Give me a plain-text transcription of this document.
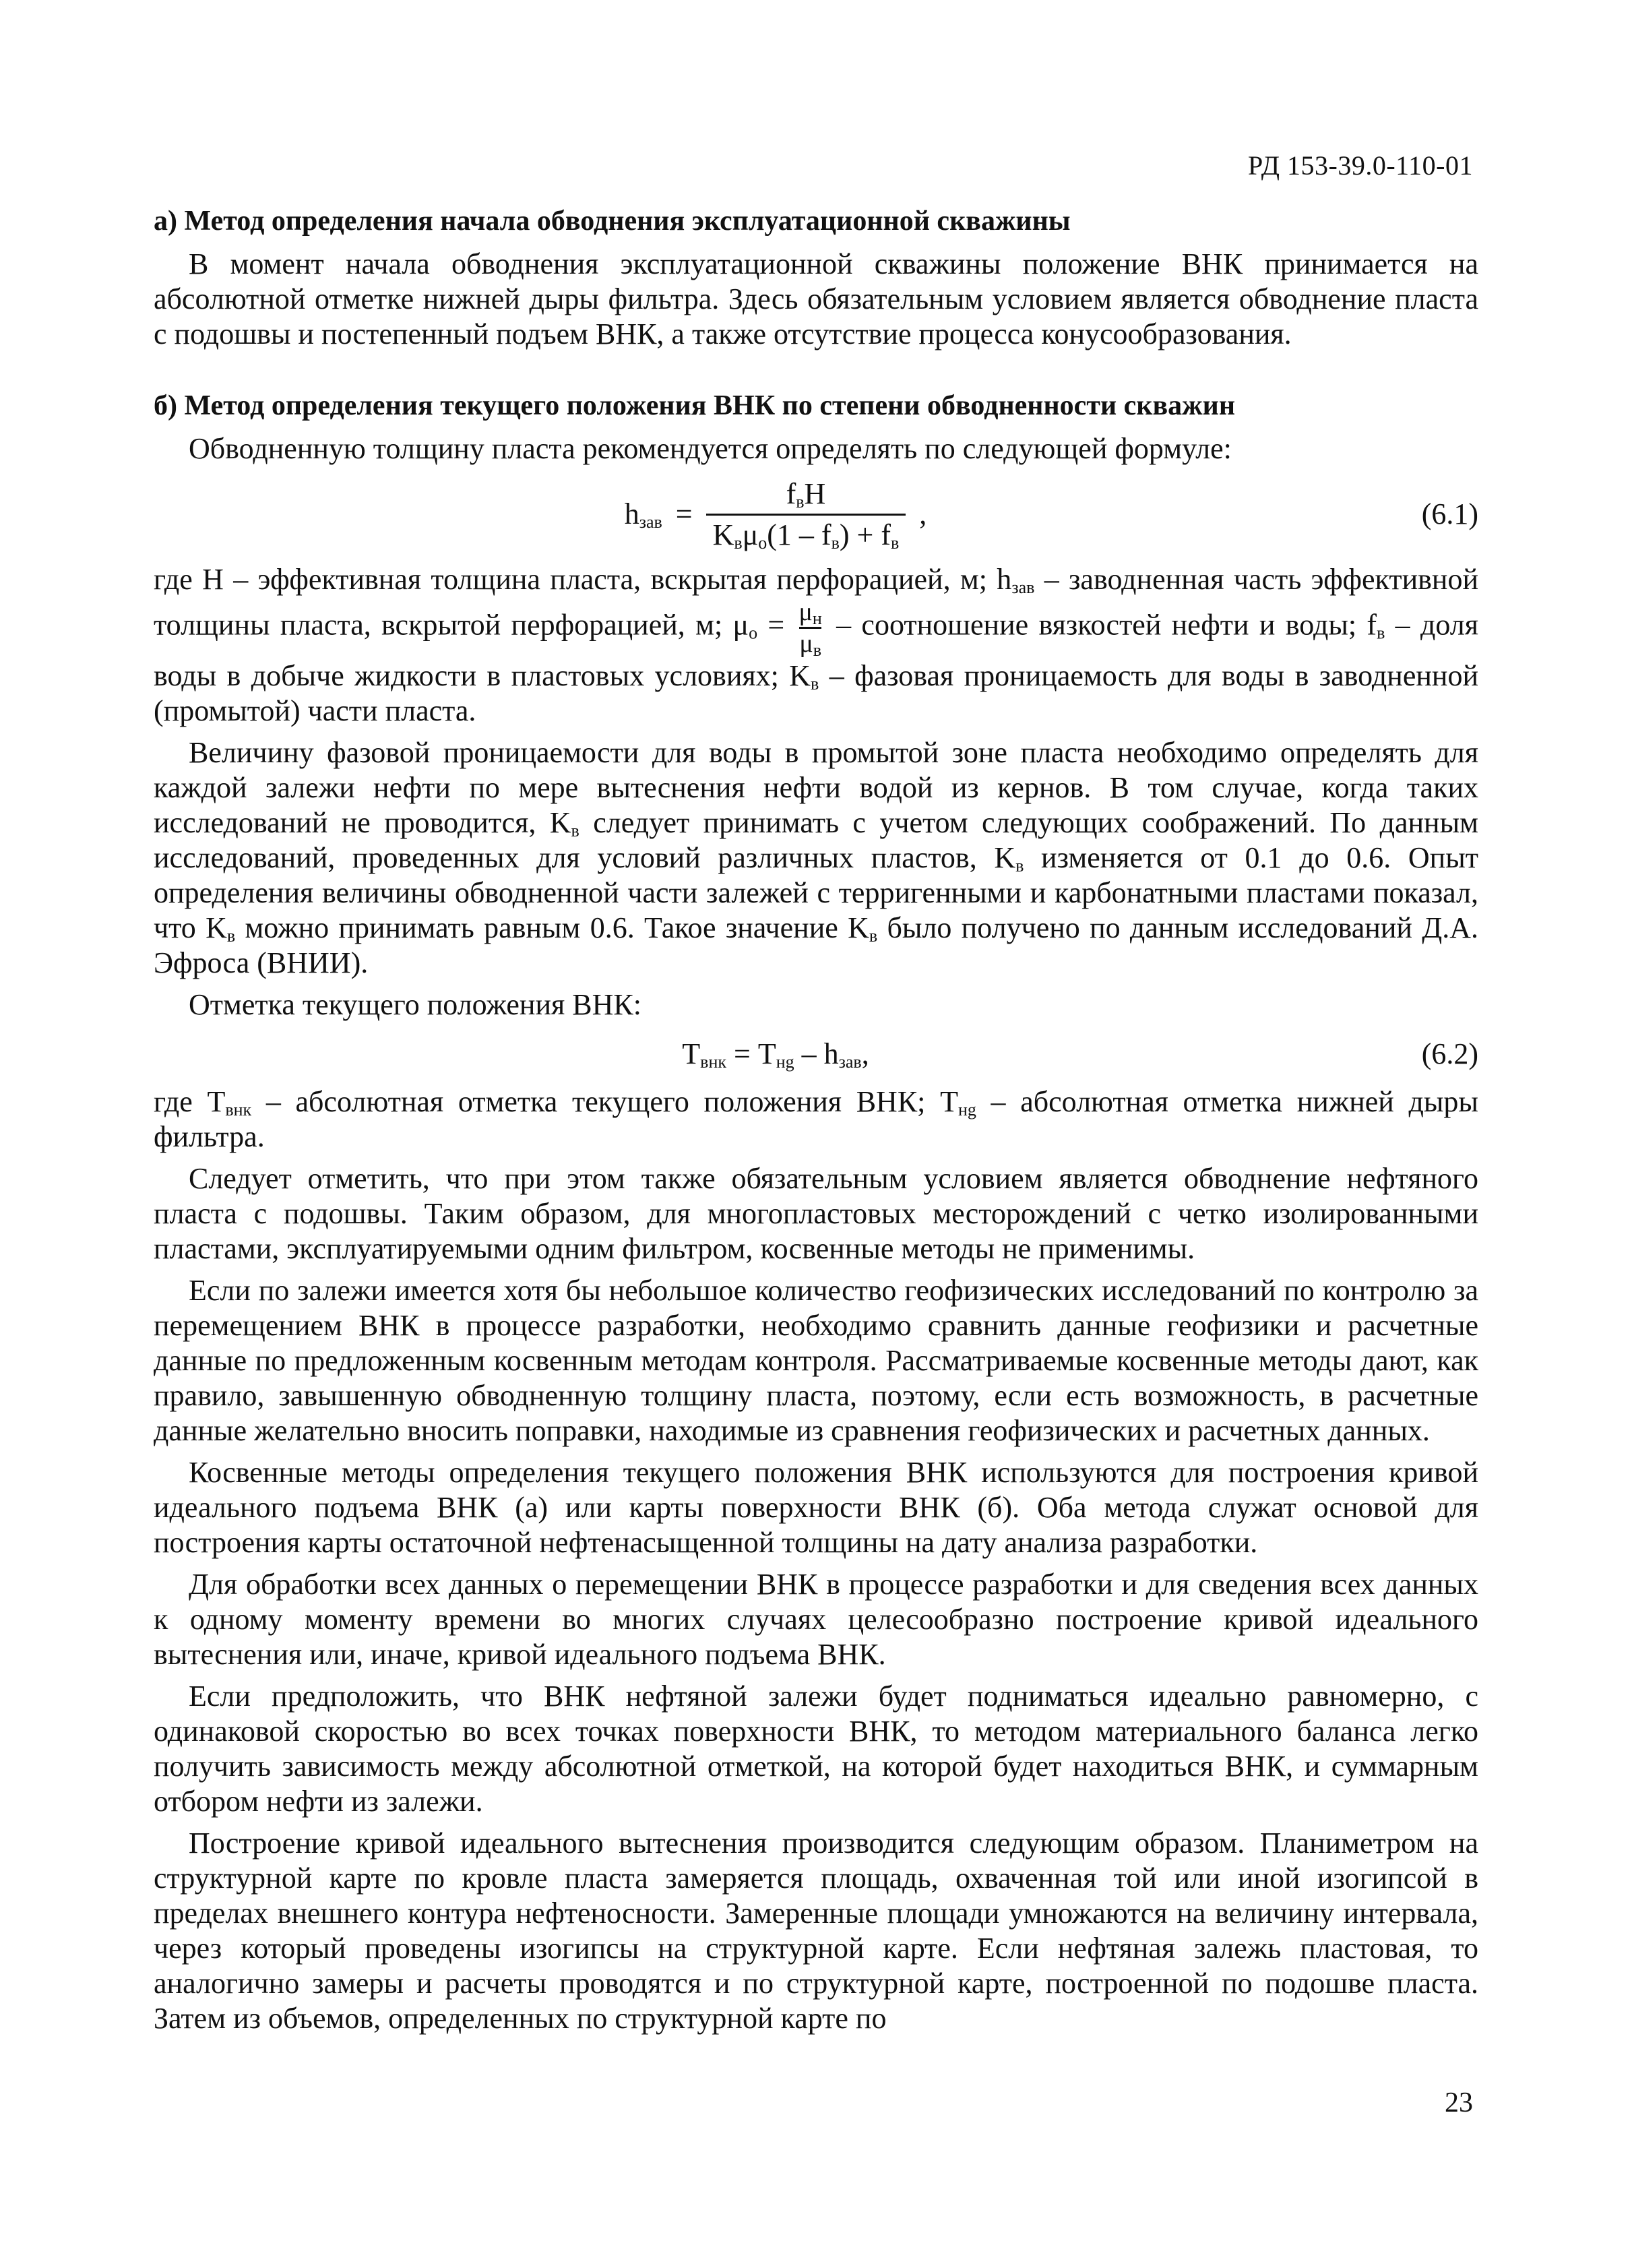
РД 153-39.0-110-01
а) Метод определения начала обводнения эксплуатационной скважины

В момент начала обводнения эксплуатационной скважины положение ВНК принимается на абсолютной отметке нижней дыры фильтра. Здесь обязательным условием является обводнение пласта с подошвы и постепенный подъем ВНК, а также отсутствие процесса конусообразования.

б) Метод определения текущего положения ВНК по степени обводненности скважин

Обводненную толщину пласта рекомендуется определять по следующей формуле:

$h_{зав} = \frac{f_вH}{K_в\mu_о(1 - f_в) + f_в}$ ,	(6.1)

где H – эффективная толщина пласта, вскрытая перфорацией, м; $h_{зав}$ – заводненная часть эффективной толщины пласта, вскрытой перфорацией, м; $\mu_о = \frac{\mu_н}{\mu_в}$ – соотношение вязкостей нефти и воды; $f_в$ – доля воды в добыче жидкости в пластовых условиях; $K_в$ – фазовая проницаемость для воды в заводненной (промытой) части пласта.

Величину фазовой проницаемости для воды в промытой зоне пласта необходимо определять для каждой залежи нефти по мере вытеснения нефти водой из кернов. В том случае, когда таких исследований не проводится, $K_в$ следует принимать с учетом следующих соображений. По данным исследований, проведенных для условий различных пластов, $K_в$ изменяется от 0.1 до 0.6. Опыт определения величины обводненной части залежей с терригенными и карбонатными пластами показал, что $K_в$ можно принимать равным 0.6. Такое значение $K_в$ было получено по данным исследований Д.А. Эфроса (ВНИИ).

Отметка текущего положения ВНК:

$T_{внк} = T_{нg} - h_{зав}$,	(6.2)

где $T_{внк}$ – абсолютная отметка текущего положения ВНК; $T_{нg}$ – абсолютная отметка нижней дыры фильтра.

Следует отметить, что при этом также обязательным условием является обводнение нефтяного пласта с подошвы. Таким образом, для многопластовых месторождений с четко изолированными пластами, эксплуатируемыми одним фильтром, косвенные методы не применимы.

Если по залежи имеется хотя бы небольшое количество геофизических исследований по контролю за перемещением ВНК в процессе разработки, необходимо сравнить данные геофизики и расчетные данные по предложенным косвенным методам контроля. Рассматриваемые косвенные методы дают, как правило, завышенную обводненную толщину пласта, поэтому, если есть возможность, в расчетные данные желательно вносить поправки, находимые из сравнения геофизических и расчетных данных.

Косвенные методы определения текущего положения ВНК используются для построения кривой идеального подъема ВНК (а) или карты поверхности ВНК (б). Оба метода служат основой для построения карты остаточной нефтенасыщенной толщины на дату анализа разработки.

Для обработки всех данных о перемещении ВНК в процессе разработки и для сведения всех данных к одному моменту времени во многих случаях целесообразно построение кривой идеального вытеснения или, иначе, кривой идеального подъема ВНК.

Если предположить, что ВНК нефтяной залежи будет подниматься идеально равномерно, с одинаковой скоростью во всех точках поверхности ВНК, то методом материального баланса легко получить зависимость между абсолютной отметкой, на которой будет находиться ВНК, и суммарным отбором нефти из залежи.

Построение кривой идеального вытеснения производится следующим образом. Планиметром на структурной карте по кровле пласта замеряется площадь, охваченная той или иной изогипсой в пределах внешнего контура нефтеносности. Замеренные площади умножаются на величину интервала, через который проведены изогипсы на структурной карте. Если нефтяная залежь пластовая, то аналогично замеры и расчеты проводятся и по структурной карте, построенной по подошве пласта. Затем из объемов, определенных по структурной карте по

23
